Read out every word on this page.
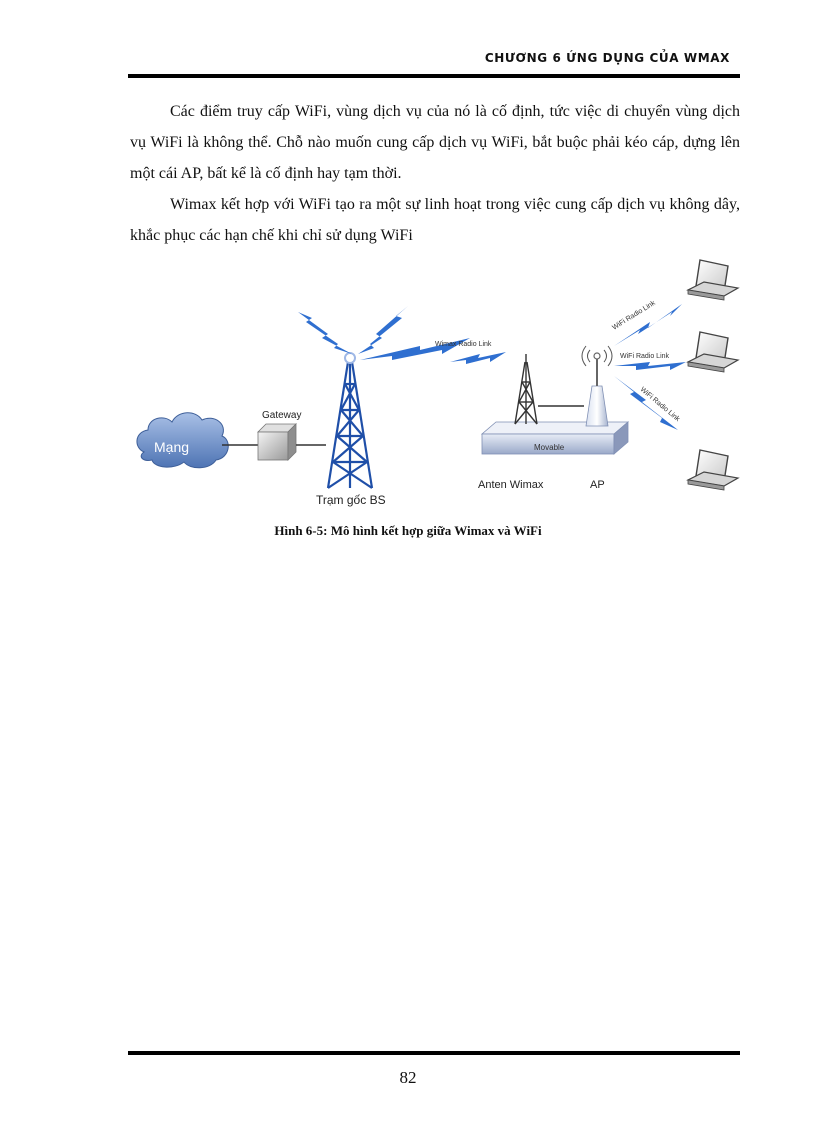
CHƯƠNG 6 ỨNG DỤNG CỦA WMAX

Các điểm truy cấp WiFi, vùng dịch vụ của nó là cố định, tức việc di chuyển vùng dịch vụ WiFi là không thể. Chỗ nào muốn cung cấp dịch vụ WiFi, bắt buộc phải kéo cáp, dựng lên một cái AP, bất kể là cố định hay tạm thời.

Wimax kết hợp với WiFi tạo ra một sự linh hoạt trong việc cung cấp dịch vụ không dây, khắc phục các hạn chế khi chỉ sử dụng WiFi

Mạng
Gateway
Trạm gốc BS
Wimax Radio Link
Movable
Anten Wimax	AP
WiFi Radio Link
WiFi Radio Link
WiFi Radio Link
Hình 6-5: Mô hình kết hợp giữa Wimax và WiFi
82
